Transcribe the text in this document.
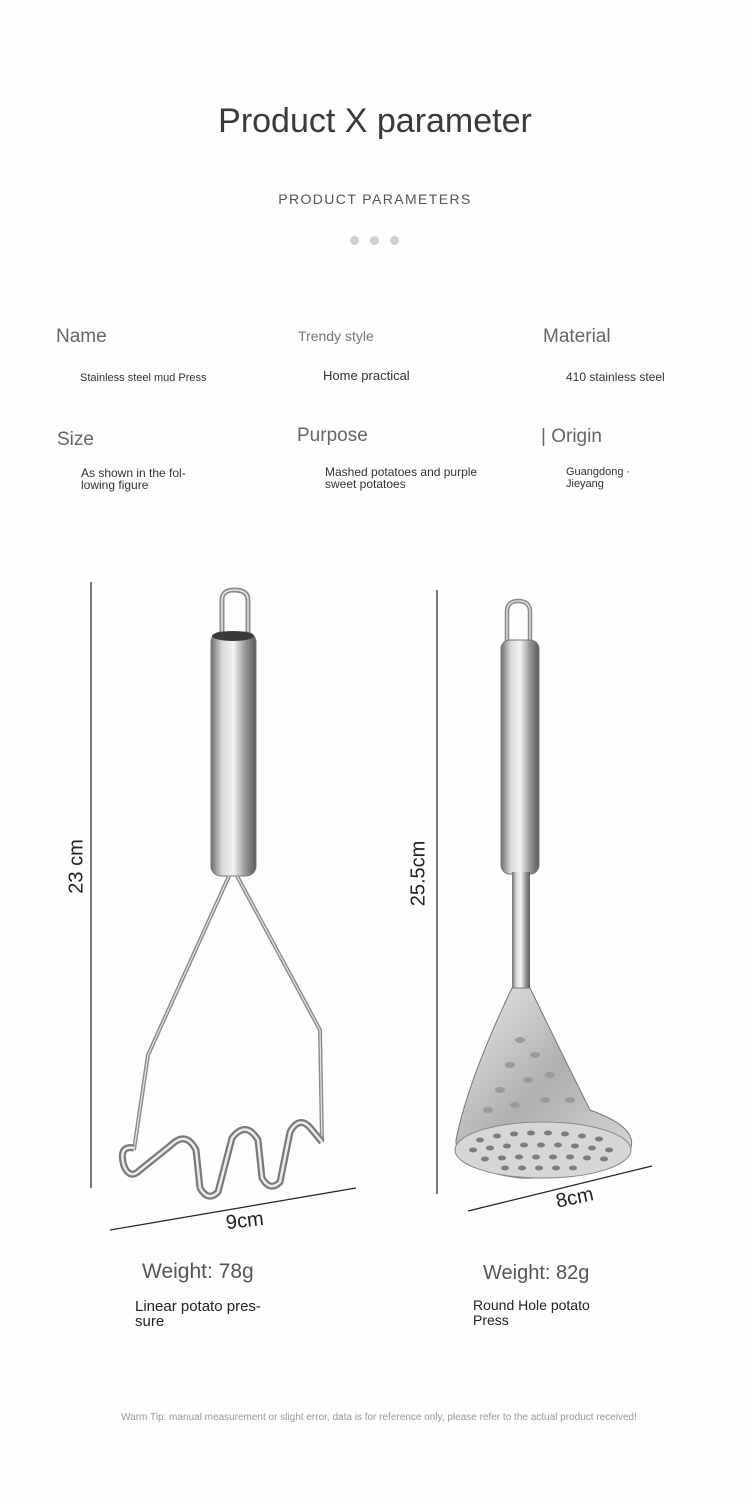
Product X parameter
PRODUCT PARAMETERS
Name
Stainless steel mud Press
Trendy style
Home practical
Material
410 stainless steel
Size
As shown in the fol-
lowing figure
Purpose
Mashed potatoes and purple
sweet potatoes
| Origin
Guangdong ·
Jieyang
23 cm
9cm
25.5cm
8cm
Weight: 78g
Linear potato pres-
sure
Weight: 82g
Round Hole potato
Press
Warm Tip: manual measurement or slight error, data is for reference only, please refer to the actual product received!
